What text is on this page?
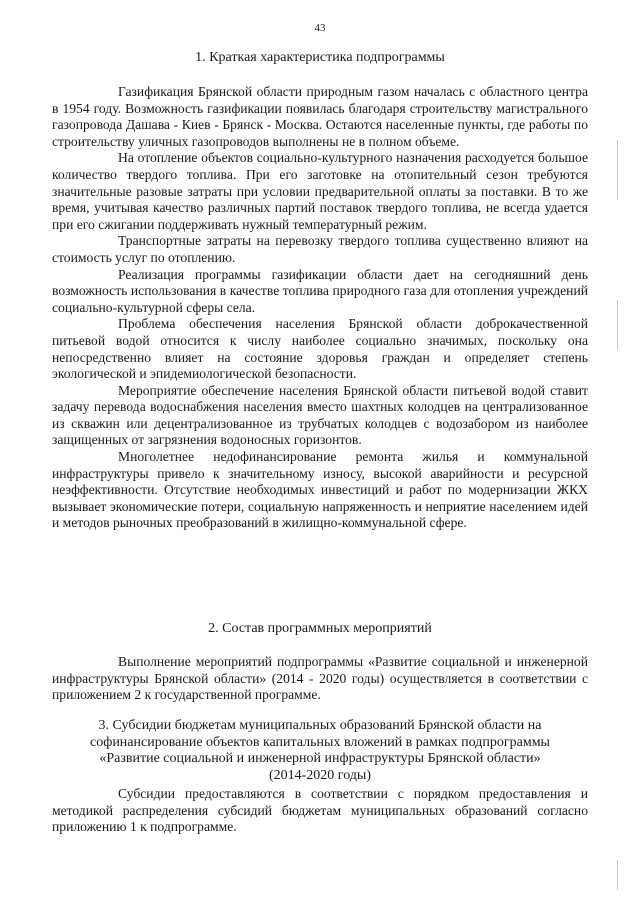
43

1. Краткая характеристика подпрограммы

Газификация Брянской области природным газом началась с областного центра в 1954 году. Возможность газификации появилась благодаря строительству магистрального газопровода Дашава - Киев - Брянск - Москва. Остаются населенные пункты, где работы по строительству уличных газопроводов выполнены не в полном объеме.

На отопление объектов социально-культурного назначения расходуется большое количество твердого топлива. При его заготовке на отопительный сезон требуются значительные разовые затраты при условии предварительной оплаты за поставки. В то же время, учитывая качество различных партий поставок твердого топлива, не всегда удается при его сжигании поддерживать нужный температурный режим.

Транспортные затраты на перевозку твердого топлива существенно влияют на стоимость услуг по отоплению.

Реализация программы газификации области дает на сегодняшний день возможность использования в качестве топлива природного газа для отопления учреждений социально-культурной сферы села.

Проблема обеспечения населения Брянской области доброкачественной питьевой водой относится к числу наиболее социально значимых, поскольку она непосредственно влияет на состояние здоровья граждан и определяет степень экологической и эпидемиологической безопасности.

Мероприятие обеспечение населения Брянской области питьевой водой ставит задачу перевода водоснабжения населения вместо шахтных колодцев на централизованное из скважин или децентрализованное из трубчатых колодцев с водозабором из наиболее защищенных от загрязнения водоносных горизонтов.

Многолетнее недофинансирование ремонта жилья и коммунальной инфраструктуры привело к значительному износу, высокой аварийности и ресурсной неэффективности. Отсутствие необходимых инвестиций и работ по модернизации ЖКХ вызывает экономические потери, социальную напряженность и неприятие населением идей и методов рыночных преобразований в жилищно-коммунальной сфере.

2. Состав программных мероприятий

Выполнение мероприятий подпрограммы «Развитие социальной и инженерной инфраструктуры Брянской области» (2014 - 2020 годы) осуществляется в соответствии с приложением 2 к государственной программе.

3. Субсидии бюджетам муниципальных образований Брянской области на

софинансирование объектов капитальных вложений в рамках подпрограммы

«Развитие социальной и инженерной инфраструктуры Брянской области»

(2014-2020 годы)

Субсидии предоставляются в соответствии с порядком предоставления и методикой распределения субсидий бюджетам муниципальных образований согласно приложению 1 к подпрограмме.
